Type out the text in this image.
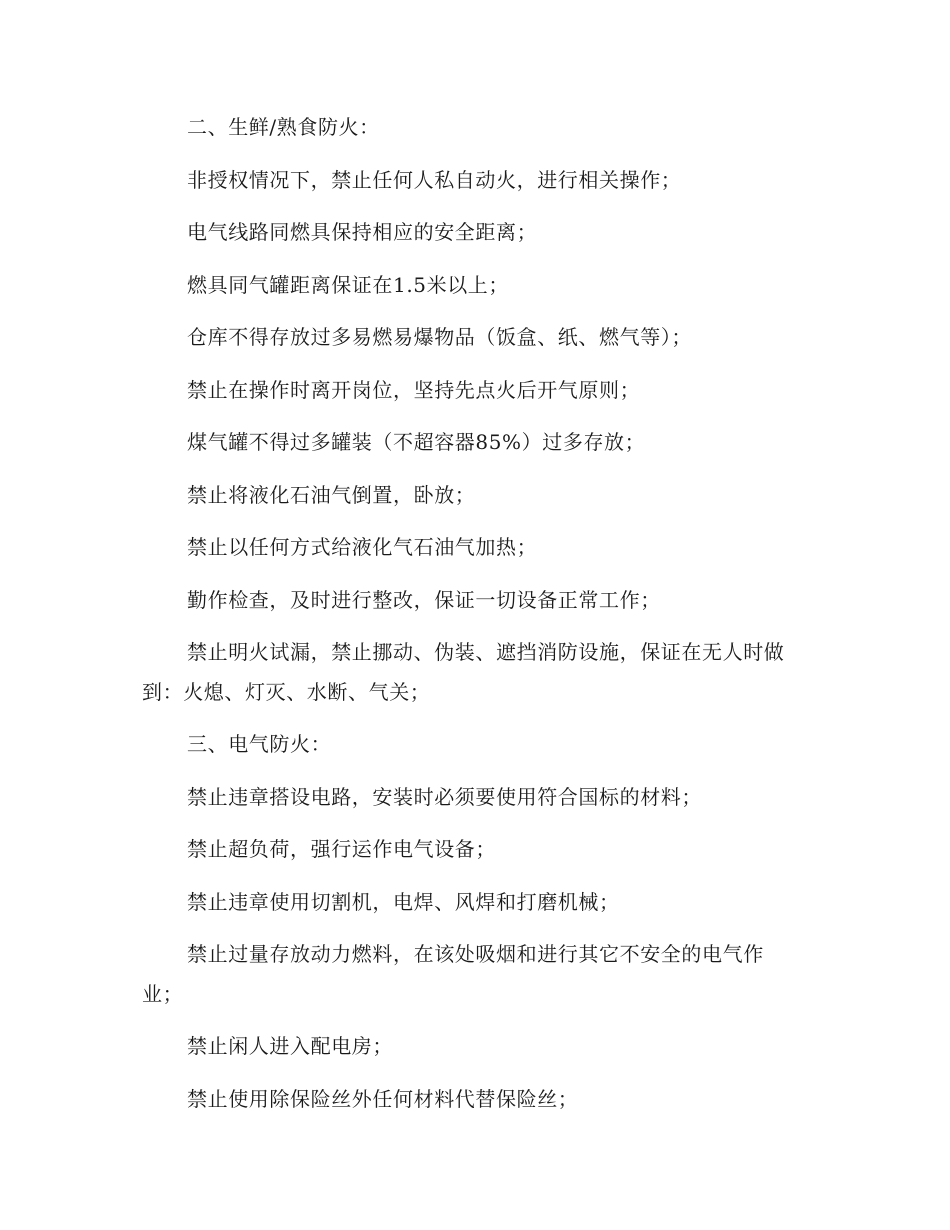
二、生鲜/熟食防火：

非授权情况下，禁止任何人私自动火，进行相关操作；

电气线路同燃具保持相应的安全距离；

燃具同气罐距离保证在1.5米以上；

仓库不得存放过多易燃易爆物品（饭盒、纸、燃气等）；

禁止在操作时离开岗位，坚持先点火后开气原则；

煤气罐不得过多罐装（不超容器85%）过多存放；

禁止将液化石油气倒置，卧放；

禁止以任何方式给液化气石油气加热；

勤作检查，及时进行整改，保证一切设备正常工作；

禁止明火试漏，禁止挪动、伪装、遮挡消防设施，保证在无人时做到：火熄、灯灭、水断、气关；

三、电气防火：

禁止违章搭设电路，安装时必须要使用符合国标的材料；

禁止超负荷，强行运作电气设备；

禁止违章使用切割机，电焊、风焊和打磨机械；

禁止过量存放动力燃料，在该处吸烟和进行其它不安全的电气作业；

禁止闲人进入配电房；

禁止使用除保险丝外任何材料代替保险丝；
